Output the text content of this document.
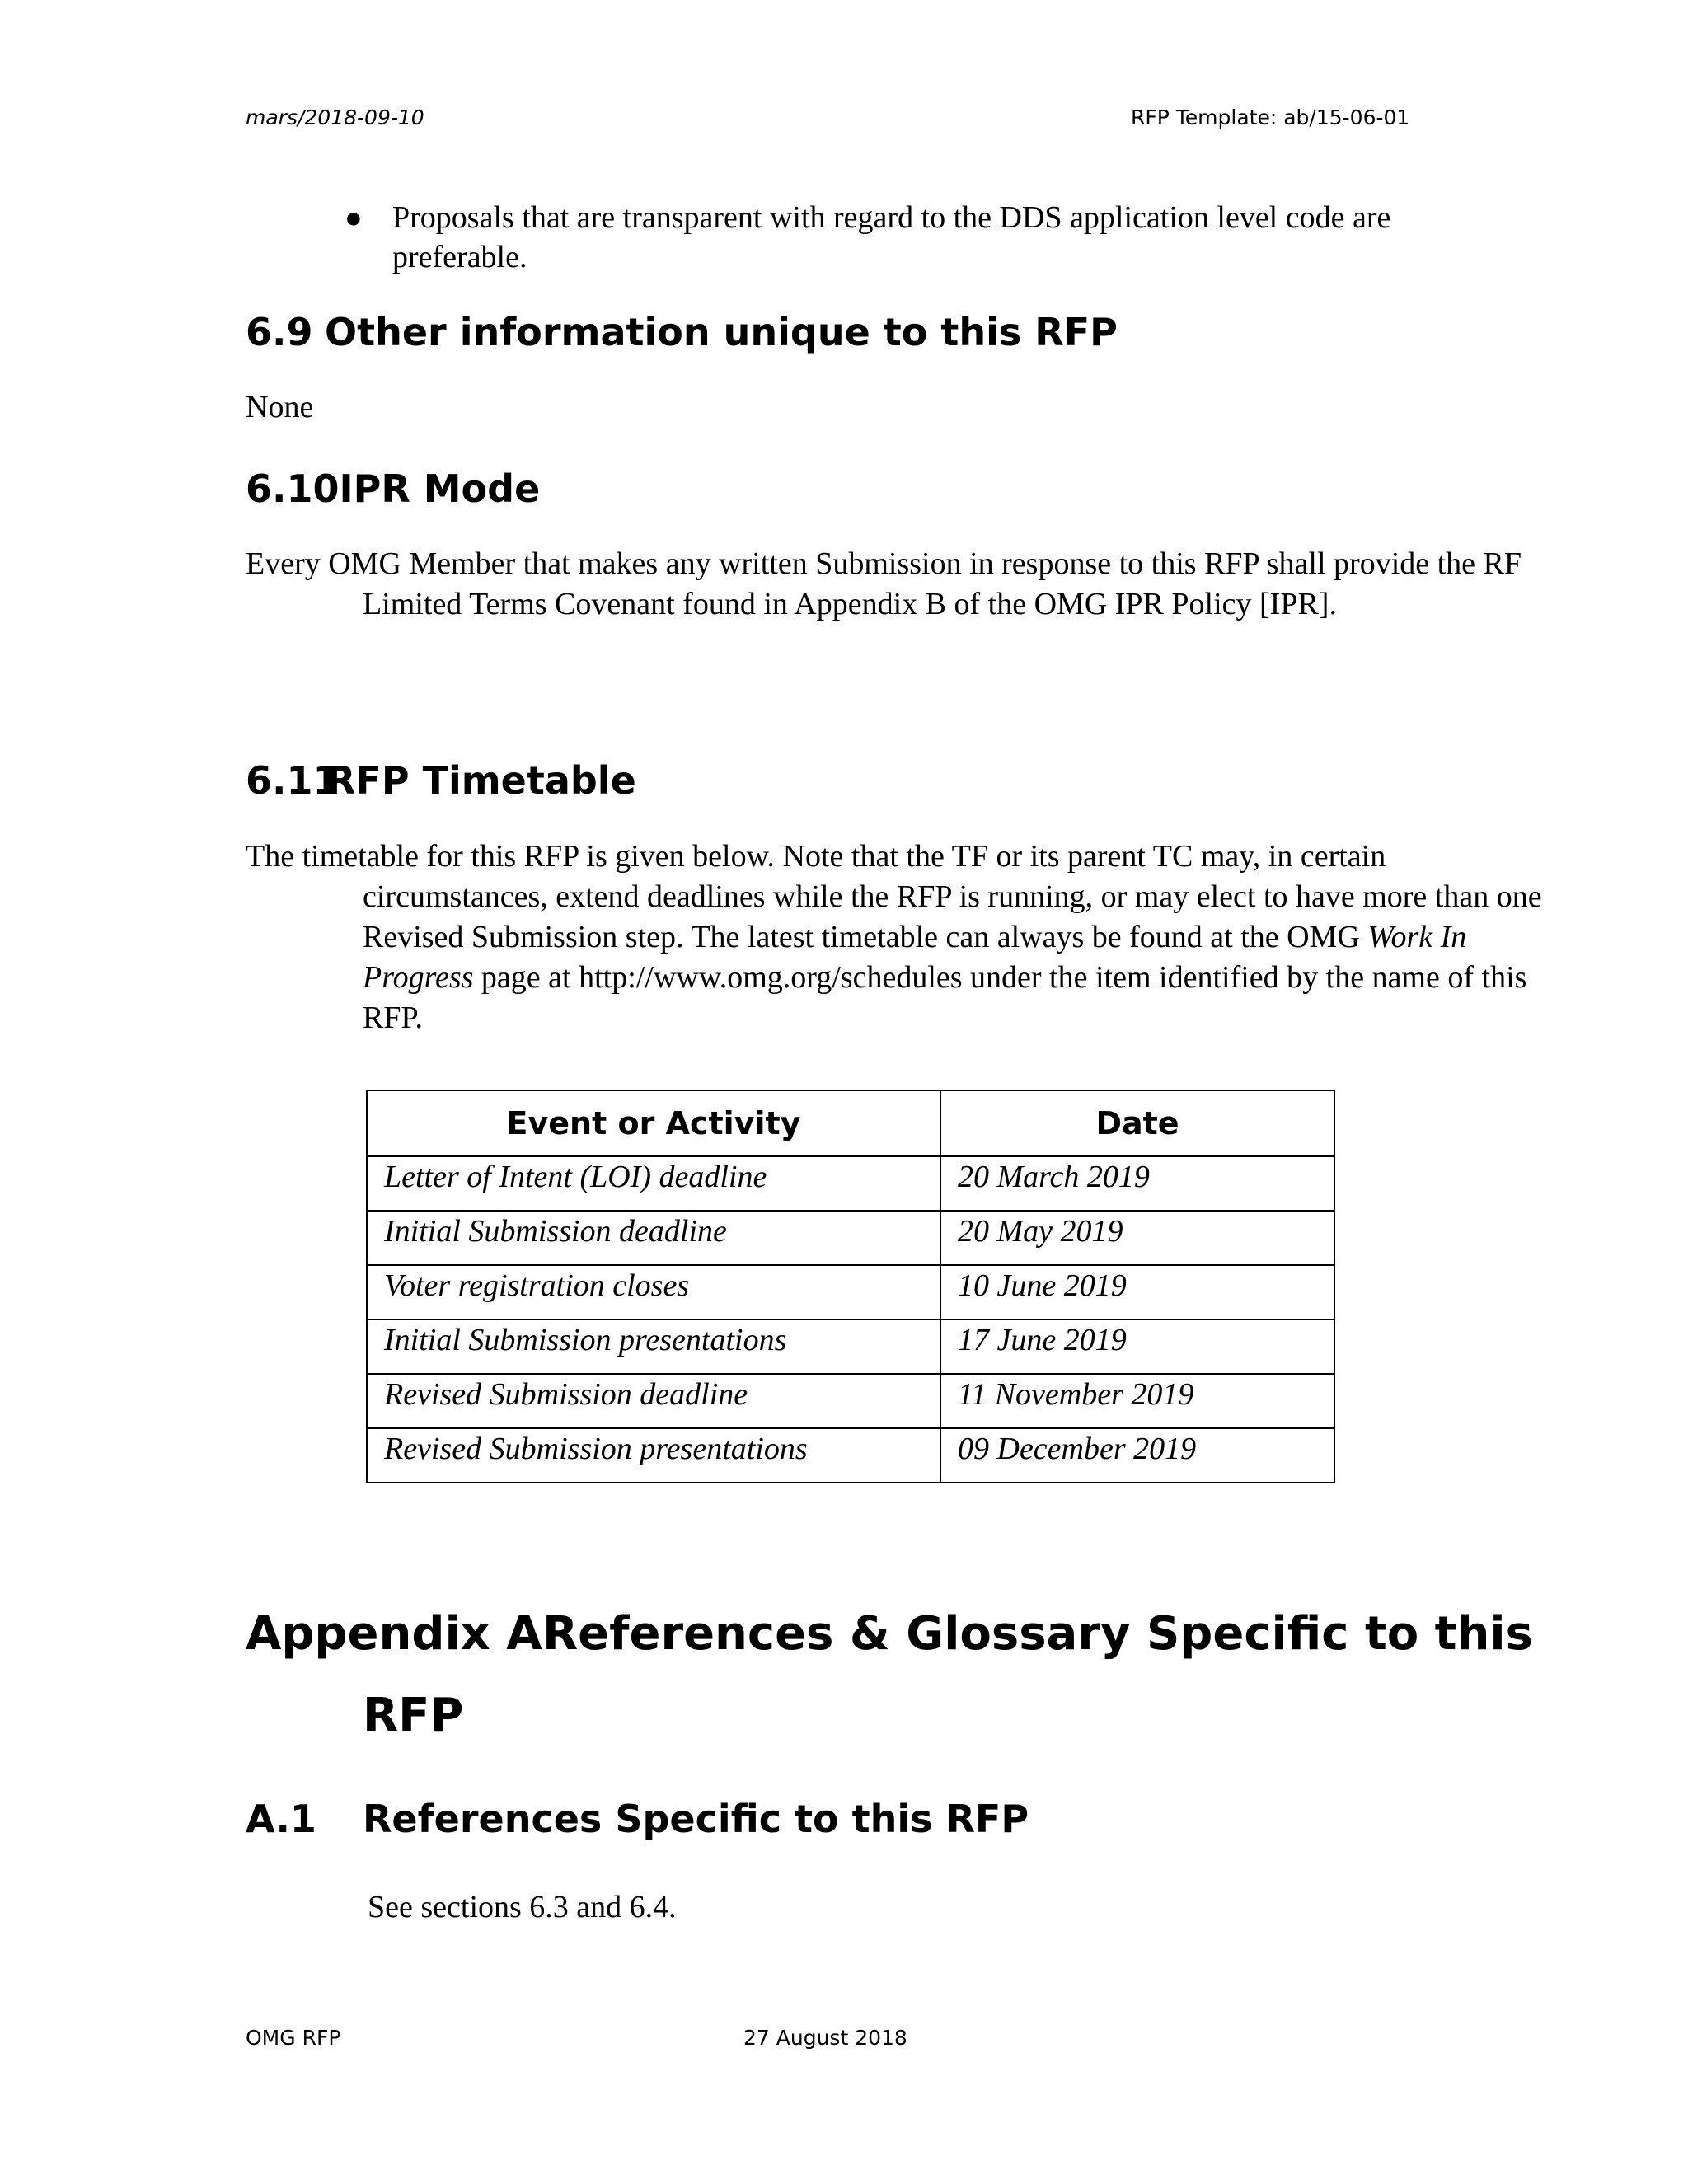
mars/2018-09-10	RFP Template: ab/15-06-01
● Proposals that are transparent with regard to the DDS application level code are preferable.
6.9 Other information unique to this RFP
None
6.10IPR Mode
Every OMG Member that makes any written Submission in response to this RFP shall provide the RF Limited Terms Covenant found in Appendix B of the OMG IPR Policy [IPR].
6.11RFP Timetable
The timetable for this RFP is given below. Note that the TF or its parent TC may, in certain circumstances, extend deadlines while the RFP is running, or may elect to have more than one Revised Submission step. The latest timetable can always be found at the OMG Work In Progress page at http://www.omg.org/schedules under the item identified by the name of this RFP.
Event or Activity	Date
Letter of Intent (LOI) deadline	20 March 2019
Initial Submission deadline	20 May 2019
Voter registration closes	10 June 2019
Initial Submission presentations	17 June 2019
Revised Submission deadline	11 November 2019
Revised Submission presentations	09 December 2019
Appendix AReferences & Glossary Specific to this
RFP
A.1 References Specific to this RFP
See sections 6.3 and 6.4.
OMG RFP	27 August 2018
